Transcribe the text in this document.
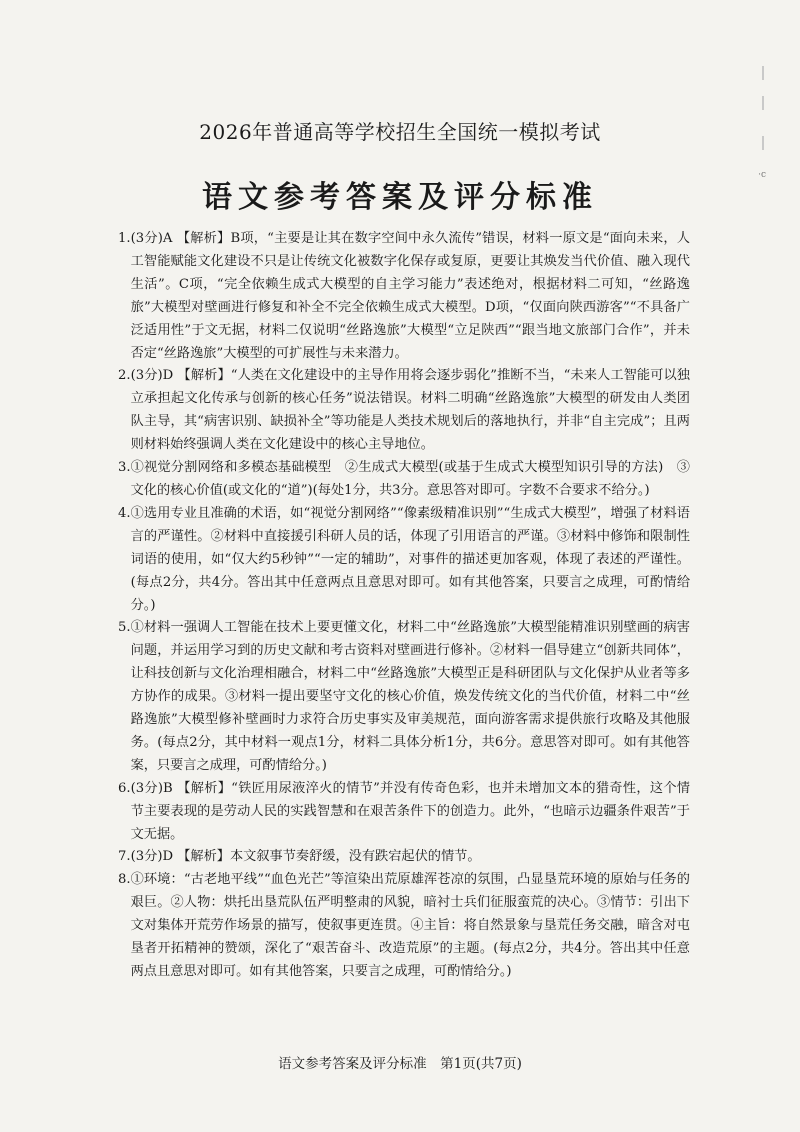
·c
2026年普通高等学校招生全国统一模拟考试
语文参考答案及评分标准
1. (3分)A 【解析】B项，“主要是让其在数字空间中永久流传”错误，材料一原文是“面向未来，人工智能赋能文化建设不只是让传统文化被数字化保存或复原，更要让其焕发当代价值、融入现代生活”。C项，“完全依赖生成式大模型的自主学习能力”表述绝对，根据材料二可知，“丝路逸旅”大模型对壁画进行修复和补全不完全依赖生成式大模型。D项，“仅面向陕西游客”“不具备广泛适用性”于文无据，材料二仅说明“丝路逸旅”大模型“立足陕西”“跟当地文旅部门合作”，并未否定“丝路逸旅”大模型的可扩展性与未来潜力。
2. (3分)D 【解析】“人类在文化建设中的主导作用将会逐步弱化”推断不当，“未来人工智能可以独立承担起文化传承与创新的核心任务”说法错误。材料二明确“丝路逸旅”大模型的研发由人类团队主导，其“病害识别、缺损补全”等功能是人类技术规划后的落地执行，并非“自主完成”；且两则材料始终强调人类在文化建设中的核心主导地位。
3. ①视觉分割网络和多模态基础模型　②生成式大模型(或基于生成式大模型知识引导的方法)　③文化的核心价值(或文化的“道”)(每处1分，共3分。意思答对即可。字数不合要求不给分。)
4. ①选用专业且准确的术语，如“视觉分割网络”“像素级精准识别”“生成式大模型”，增强了材料语言的严谨性。②材料中直接援引科研人员的话，体现了引用语言的严谨。③材料中修饰和限制性词语的使用，如“仅大约5秒钟”“一定的辅助”，对事件的描述更加客观，体现了表述的严谨性。(每点2分，共4分。答出其中任意两点且意思对即可。如有其他答案，只要言之成理，可酌情给分。)
5. ①材料一强调人工智能在技术上要更懂文化，材料二中“丝路逸旅”大模型能精准识别壁画的病害问题，并运用学习到的历史文献和考古资料对壁画进行修补。②材料一倡导建立“创新共同体”，让科技创新与文化治理相融合，材料二中“丝路逸旅”大模型正是科研团队与文化保护从业者等多方协作的成果。③材料一提出要坚守文化的核心价值，焕发传统文化的当代价值，材料二中“丝路逸旅”大模型修补壁画时力求符合历史事实及审美规范，面向游客需求提供旅行攻略及其他服务。(每点2分，其中材料一观点1分，材料二具体分析1分，共6分。意思答对即可。如有其他答案，只要言之成理，可酌情给分。)
6. (3分)B 【解析】“铁匠用尿液淬火的情节”并没有传奇色彩，也并未增加文本的猎奇性，这个情节主要表现的是劳动人民的实践智慧和在艰苦条件下的创造力。此外，“也暗示边疆条件艰苦”于文无据。
7. (3分)D 【解析】本文叙事节奏舒缓，没有跌宕起伏的情节。
8. ①环境：“古老地平线”“血色光芒”等渲染出荒原雄浑苍凉的氛围，凸显垦荒环境的原始与任务的艰巨。②人物：烘托出垦荒队伍严明整肃的风貌，暗衬士兵们征服蛮荒的决心。③情节：引出下文对集体开荒劳作场景的描写，使叙事更连贯。④主旨：将自然景象与垦荒任务交融，暗含对屯垦者开拓精神的赞颂，深化了“艰苦奋斗、改造荒原”的主题。(每点2分，共4分。答出其中任意两点且意思对即可。如有其他答案，只要言之成理，可酌情给分。)
语文参考答案及评分标准　第1页(共7页)
